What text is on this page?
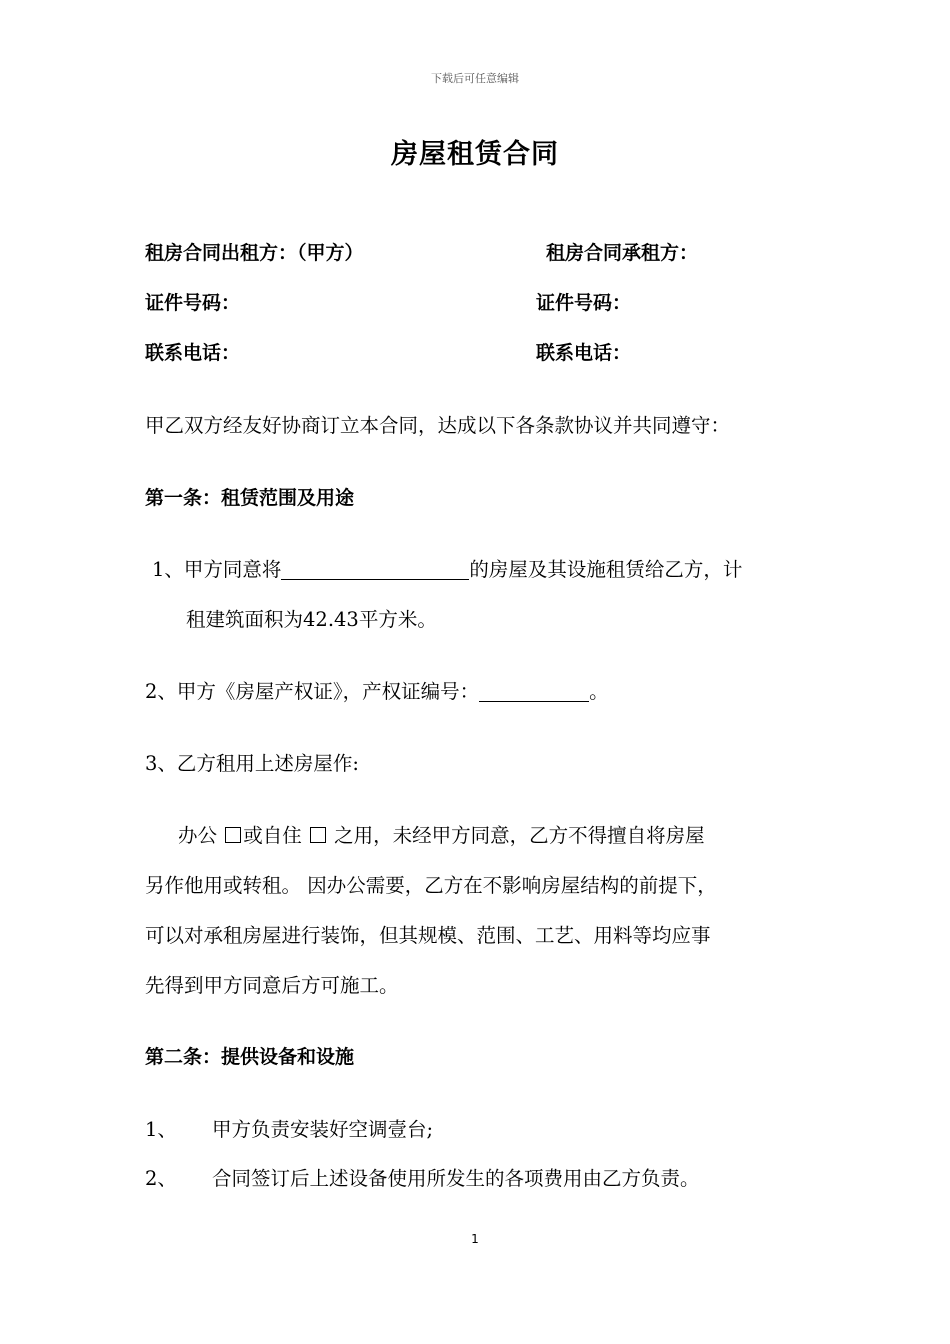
下载后可任意编辑
房屋租赁合同
租房合同出租方：（甲方）	租房合同承租方：
证件号码：	证件号码：
联系电话：	联系电话：
甲乙双方经友好协商订立本合同，达成以下各条款协议并共同遵守：
第一条：租赁范围及用途
1、甲方同意将	的房屋及其设施租赁给乙方，计
租建筑面积为42.43平方米。
2、甲方《房屋产权证》，产权证编号：	。
3、乙方租用上述房屋作:
办公 或自住  之用，未经甲方同意，乙方不得擅自将房屋
另作他用或转租。 因办公需要，乙方在不影响房屋结构的前提下，
可以对承租房屋进行装饰，但其规模、范围、工艺、用料等均应事
先得到甲方同意后方可施工。
第二条：提供设备和设施
1、 甲方负责安装好空调壹台;
2、 合同签订后上述设备使用所发生的各项费用由乙方负责。
1
